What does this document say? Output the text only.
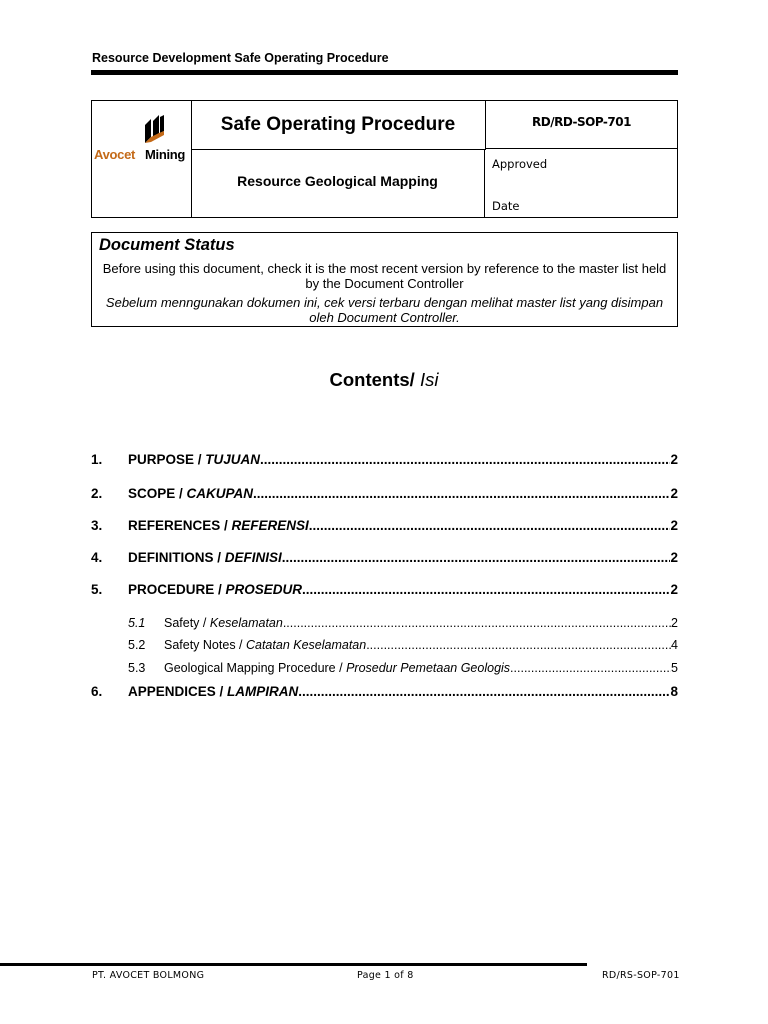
Resource Development Safe Operating Procedure
Avocet Mining
Safe Operating Procedure	RD/RD-SOP-701
Resource Geological Mapping
Approved
Date
Document Status
Before using this document, check it is the most recent version by reference to the master list held by the Document Controller
Sebelum menngunakan dokumen ini, cek versi terbaru dengan melihat master list yang disimpan oleh Document Controller.
Contents/ Isi
1.	PURPOSE / TUJUAN .....	2
2.	SCOPE / CAKUPAN .....	2
3.	REFERENCES / REFERENSI .....	2
4.	DEFINITIONS / DEFINISI .....	2
5.	PROCEDURE / PROSEDUR .....	2
5.1	Safety / Keselamatan .....	2
5.2	Safety Notes / Catatan Keselamatan .....	4
5.3	Geological Mapping Procedure / Prosedur Pemetaan Geologis .....	5
6.	APPENDICES / LAMPIRAN .....	8
PT. AVOCET BOLMONG	Page 1 of 8	RD/RS-SOP-701
